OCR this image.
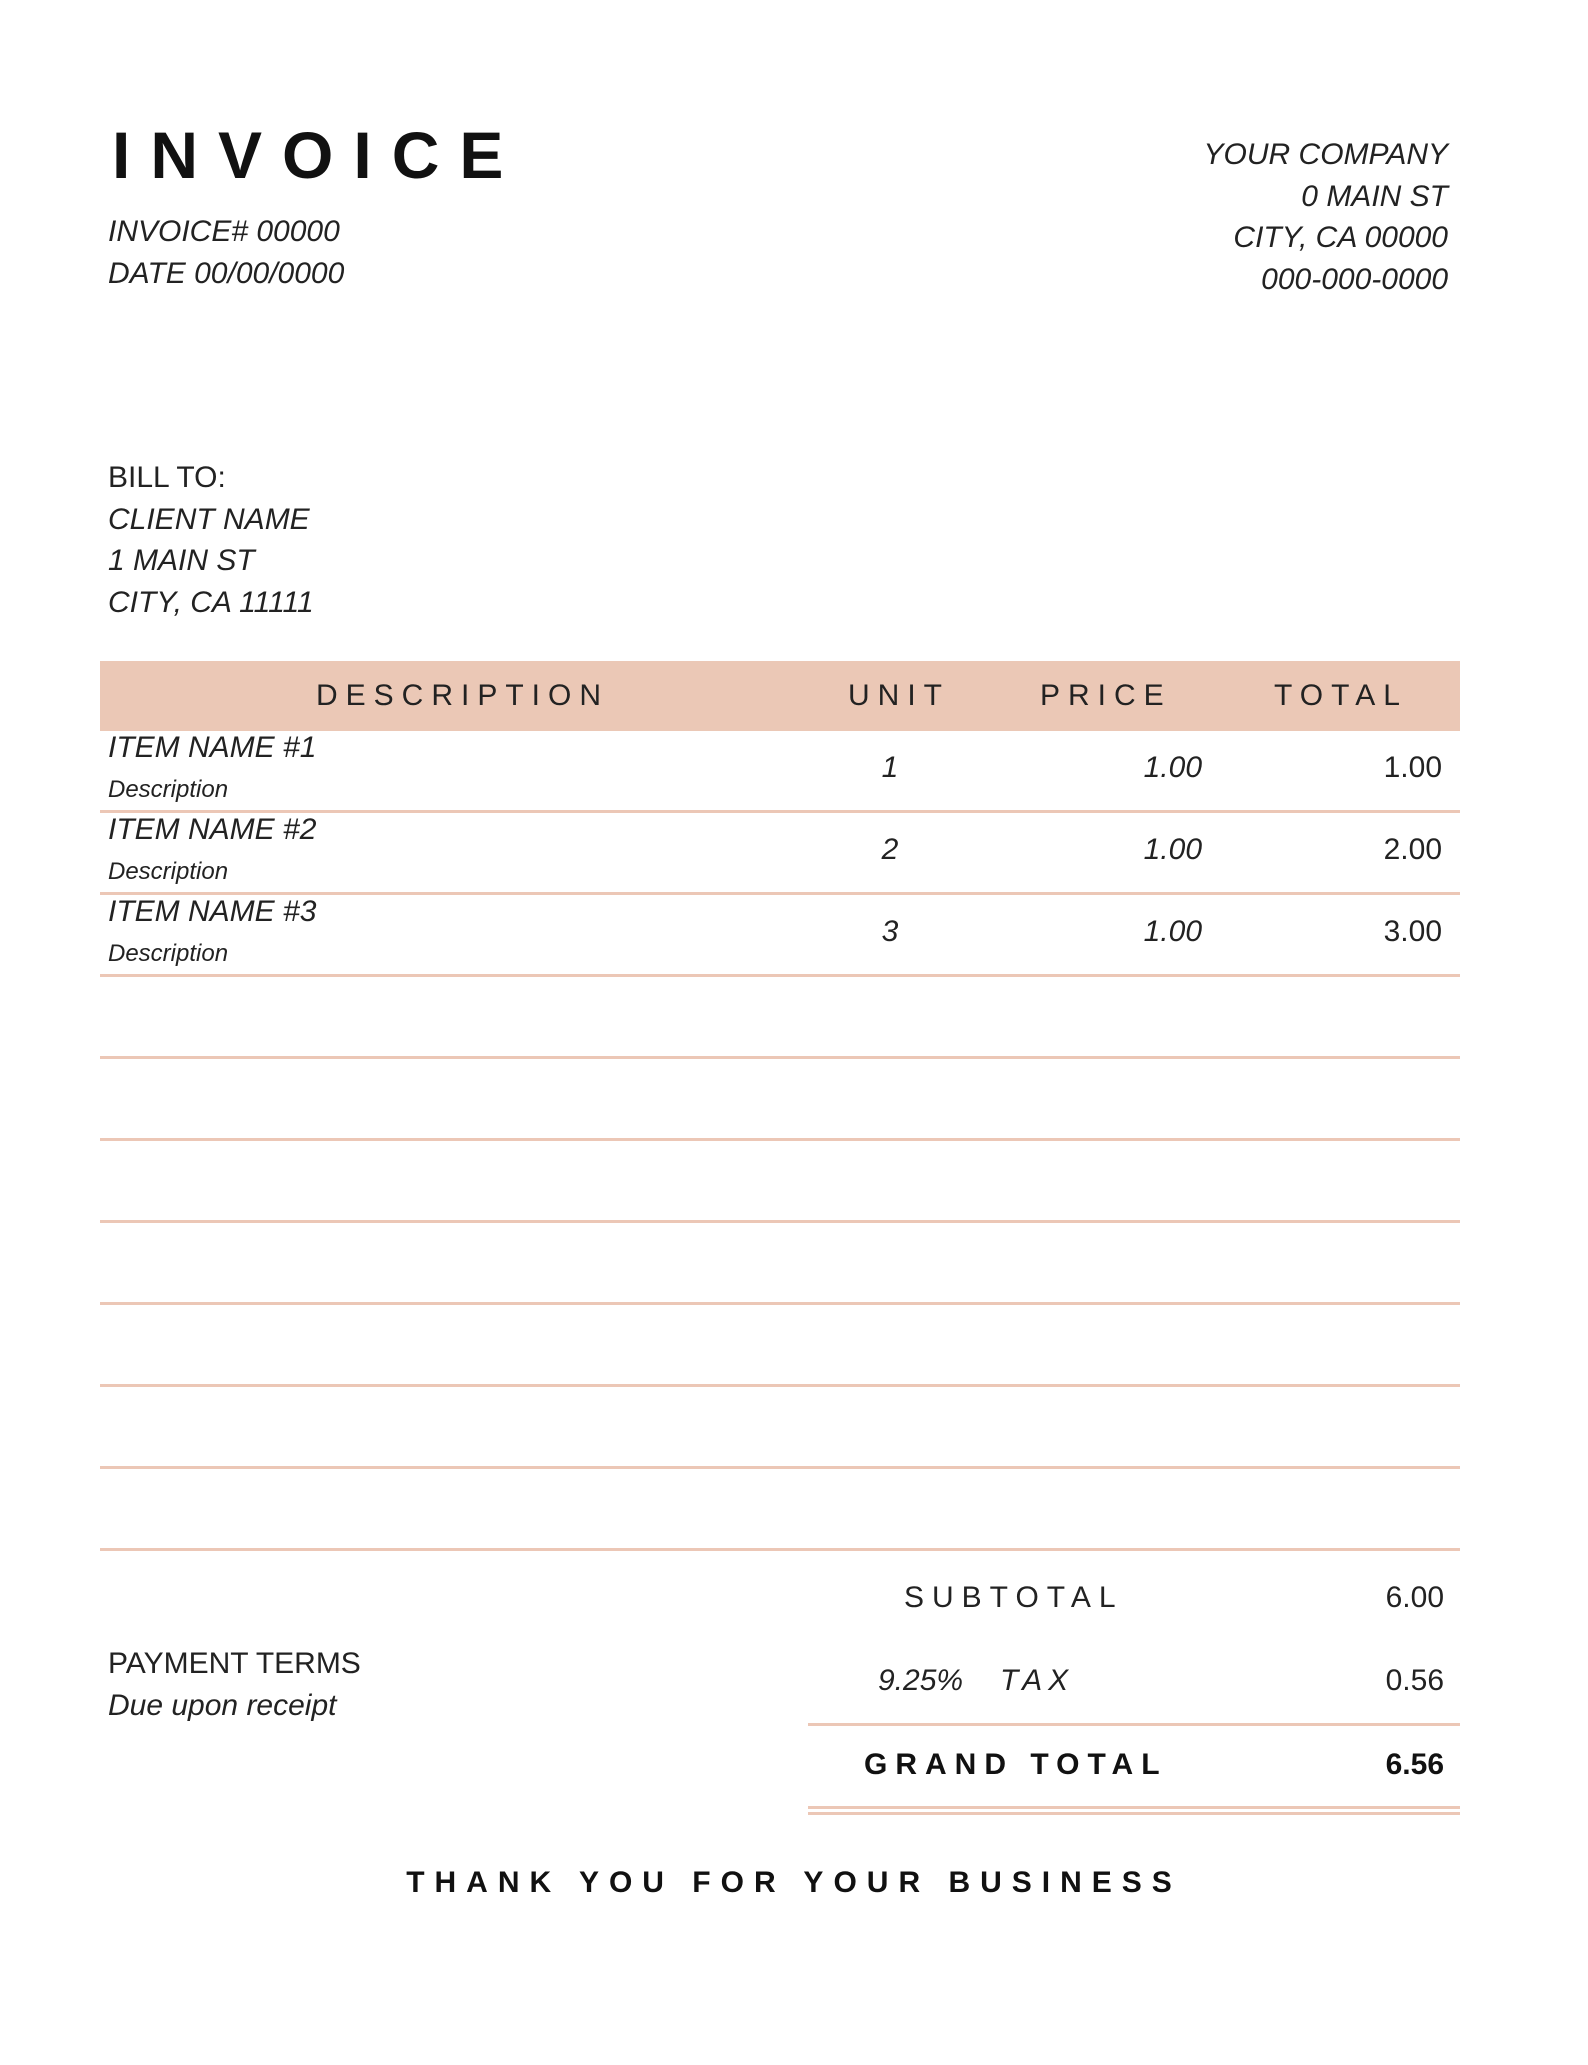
INVOICE
INVOICE# 00000
DATE 00/00/0000
YOUR COMPANY
0 MAIN ST
CITY, CA 00000
000-000-0000
BILL TO:
CLIENT NAME
1 MAIN ST
CITY, CA 11111
DESCRIPTION	UNIT	PRICE	TOTAL
ITEM NAME #1
Description
1	1.00	1.00
ITEM NAME #2
Description
2	1.00	2.00
ITEM NAME #3
Description
3	1.00	3.00
SUBTOTAL	6.00
9.25% TAX	0.56
GRAND TOTAL	6.56
PAYMENT TERMS
Due upon receipt
THANK YOU FOR YOUR BUSINESS
